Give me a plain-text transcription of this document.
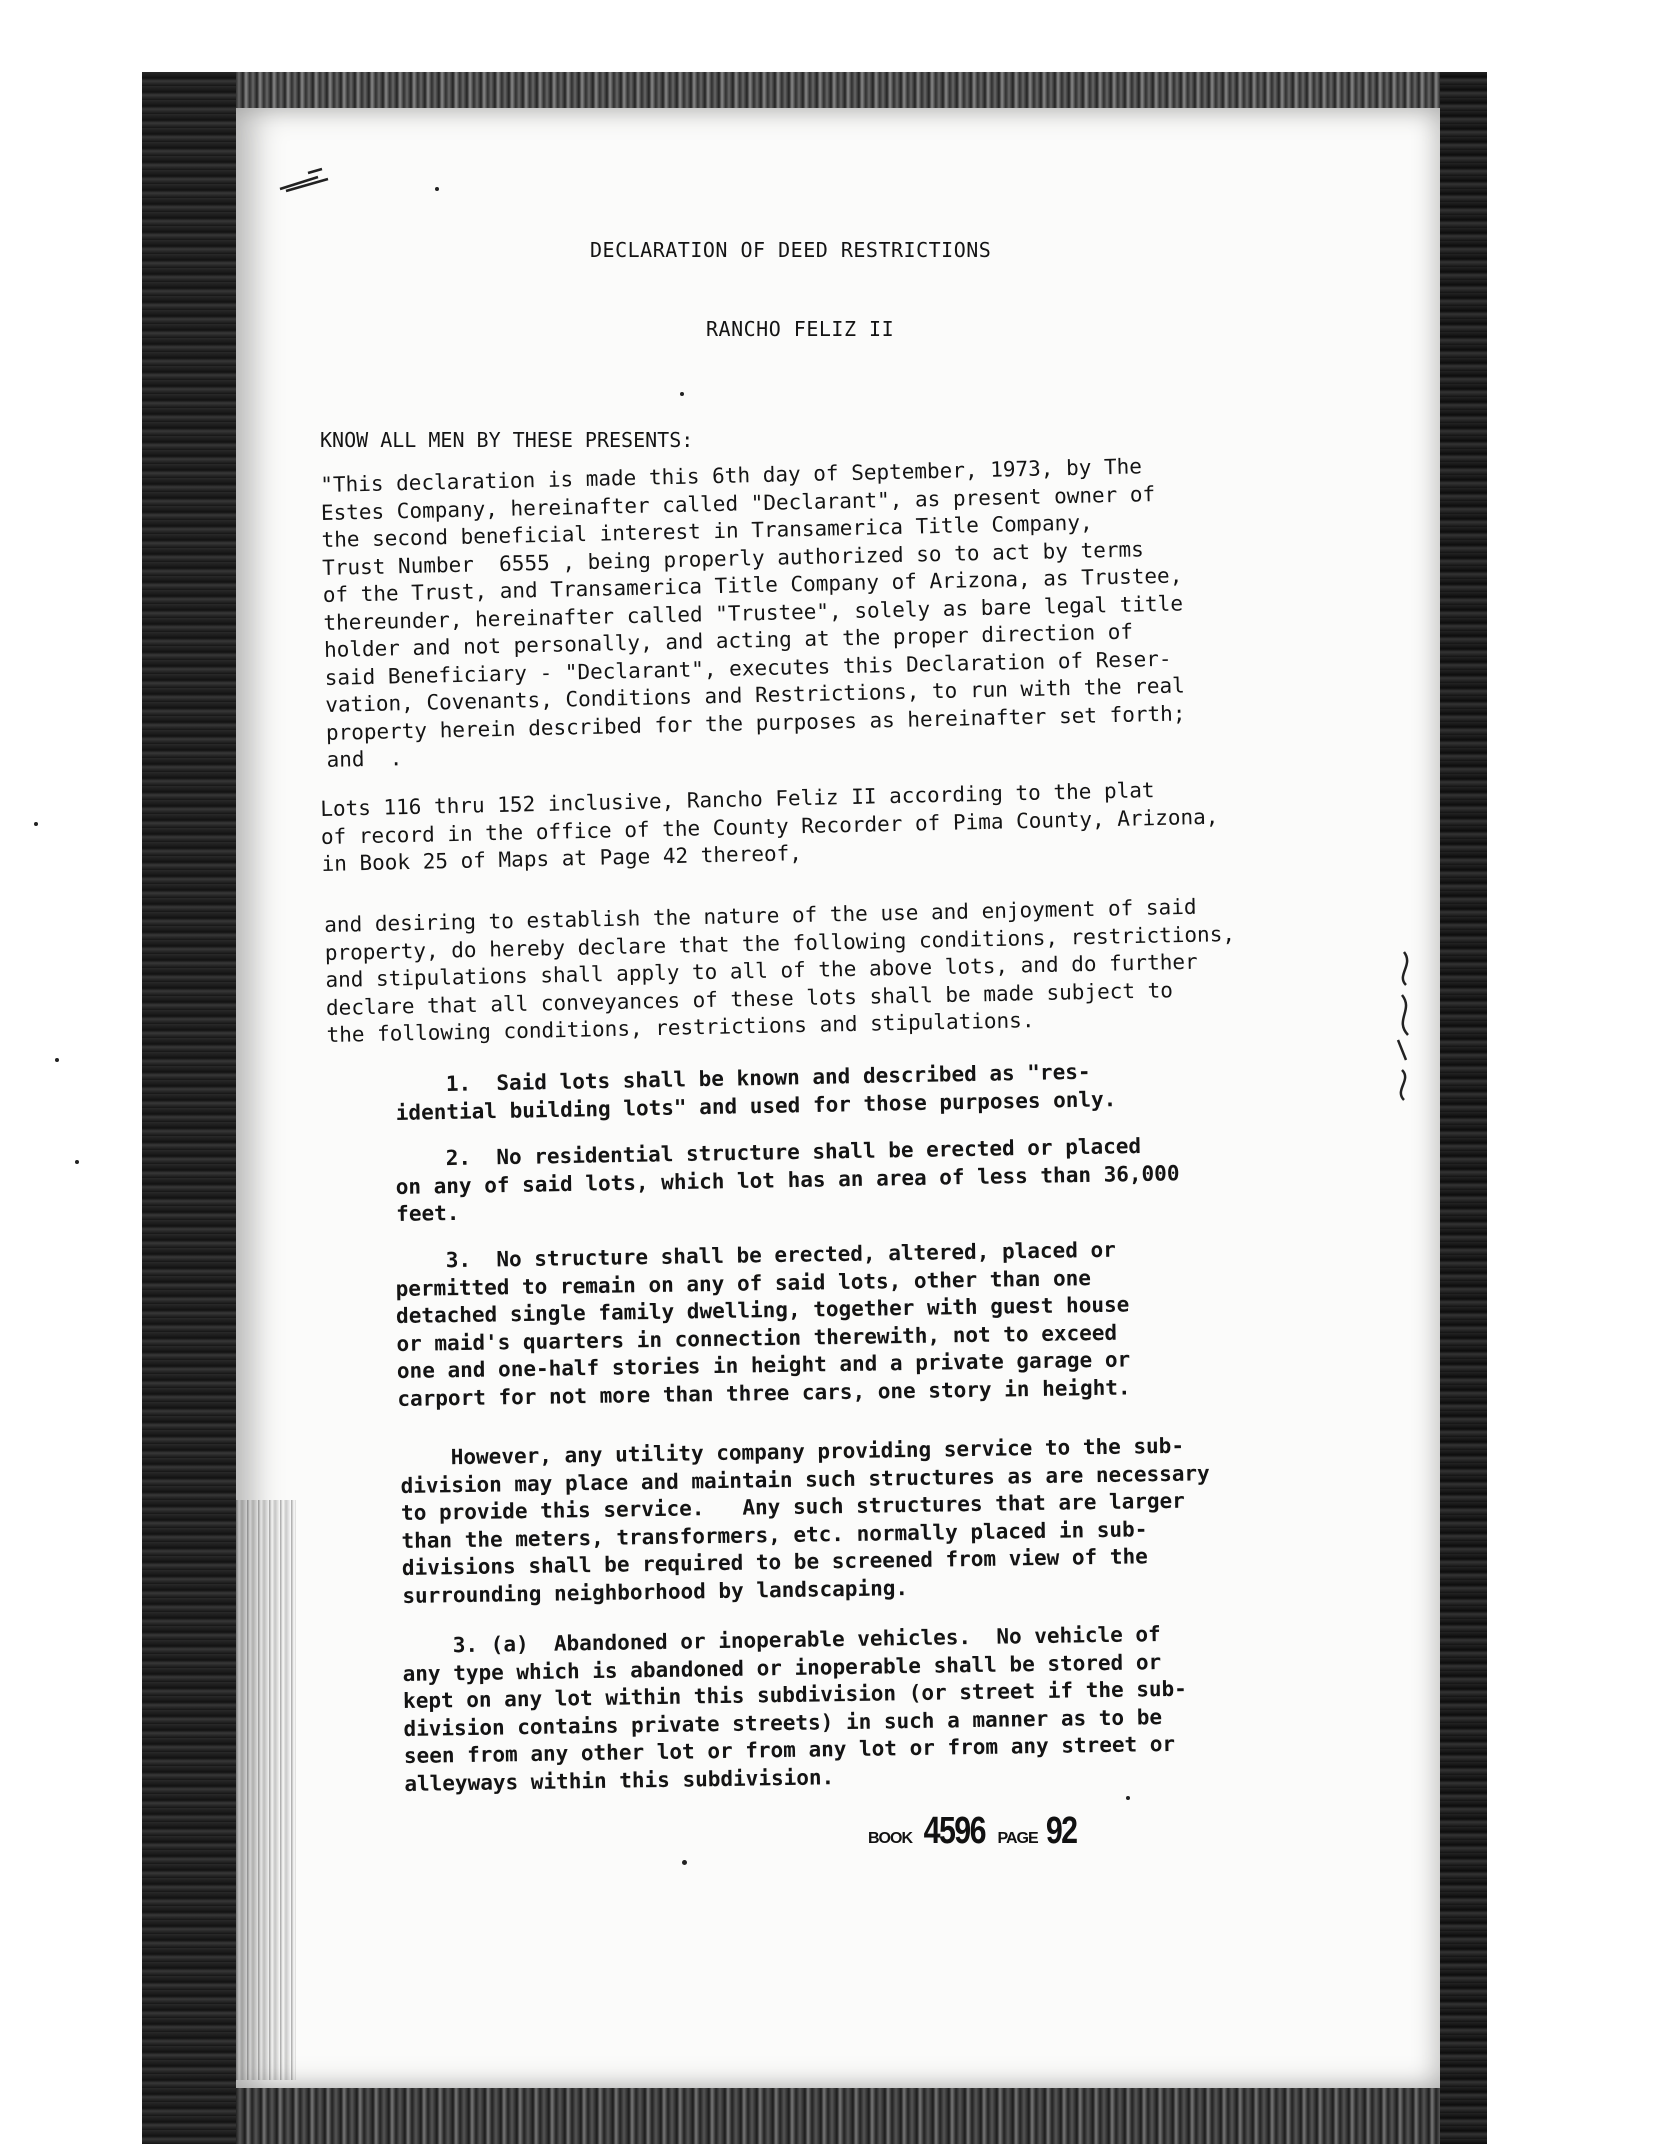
DECLARATION OF DEED RESTRICTIONS
RANCHO FELIZ II
KNOW ALL MEN BY THESE PRESENTS:
"This declaration is made this 6th day of September, 1973, by The
Estes Company, hereinafter called "Declarant", as present owner of
the second beneficial interest in Transamerica Title Company,
Trust Number  6555 , being properly authorized so to act by terms
of the Trust, and Transamerica Title Company of Arizona, as Trustee,
thereunder, hereinafter called "Trustee", solely as bare legal title
holder and not personally, and acting at the proper direction of
said Beneficiary - "Declarant", executes this Declaration of Reser-
vation, Covenants, Conditions and Restrictions, to run with the real
property herein described for the purposes as hereinafter set forth;
and  .
Lots 116 thru 152 inclusive, Rancho Feliz II according to the plat
of record in the office of the County Recorder of Pima County, Arizona,
in Book 25 of Maps at Page 42 thereof,
and desiring to establish the nature of the use and enjoyment of said
property, do hereby declare that the following conditions, restrictions,
and stipulations shall apply to all of the above lots, and do further
declare that all conveyances of these lots shall be made subject to
the following conditions, restrictions and stipulations.
1.  Said lots shall be known and described as "res-
idential building lots" and used for those purposes only.
2.  No residential structure shall be erected or placed
on any of said lots, which lot has an area of less than 36,000
feet.
3.  No structure shall be erected, altered, placed or
permitted to remain on any of said lots, other than one
detached single family dwelling, together with guest house
or maid's quarters in connection therewith, not to exceed
one and one-half stories in height and a private garage or
carport for not more than three cars, one story in height.
However, any utility company providing service to the sub-
division may place and maintain such structures as are necessary
to provide this service.   Any such structures that are larger
than the meters, transformers, etc. normally placed in sub-
divisions shall be required to be screened from view of the
surrounding neighborhood by landscaping.
3. (a)  Abandoned or inoperable vehicles.  No vehicle of
any type which is abandoned or inoperable shall be stored or
kept on any lot within this subdivision (or street if the sub-
division contains private streets) in such a manner as to be
seen from any other lot or from any lot or from any street or
alleyways within this subdivision.
BOOK 4596 PAGE 92
